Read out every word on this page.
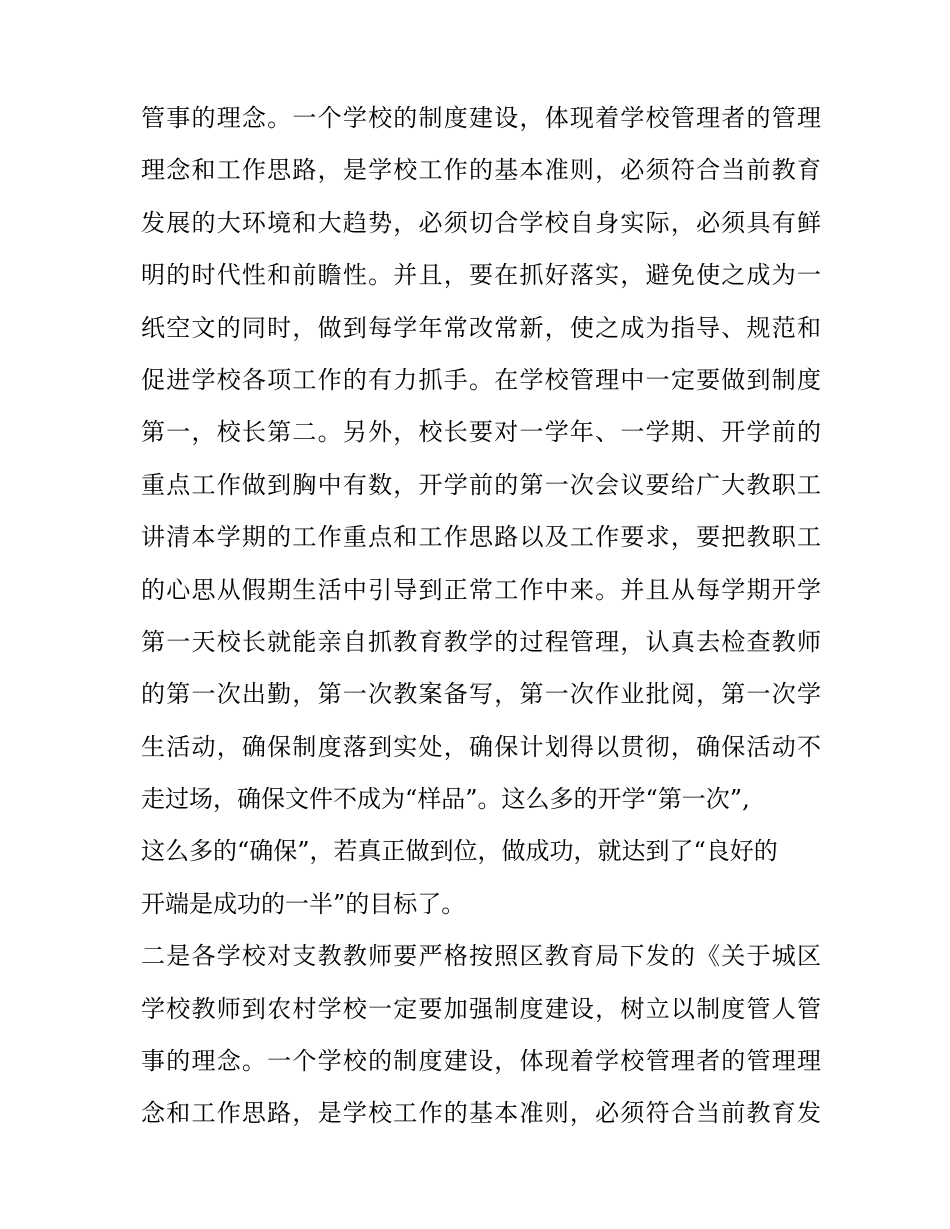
管事的理念。一个学校的制度建设，体现着学校管理者的管理
理念和工作思路，是学校工作的基本准则，必须符合当前教育
发展的大环境和大趋势，必须切合学校自身实际，必须具有鲜
明的时代性和前瞻性。并且，要在抓好落实，避免使之成为一
纸空文的同时，做到每学年常改常新，使之成为指导、规范和
促进学校各项工作的有力抓手。在学校管理中一定要做到制度
第一，校长第二。另外，校长要对一学年、一学期、开学前的
重点工作做到胸中有数，开学前的第一次会议要给广大教职工
讲清本学期的工作重点和工作思路以及工作要求，要把教职工
的心思从假期生活中引导到正常工作中来。并且从每学期开学
第一天校长就能亲自抓教育教学的过程管理，认真去检查教师
的第一次出勤，第一次教案备写，第一次作业批阅，第一次学
生活动，确保制度落到实处，确保计划得以贯彻，确保活动不
走过场，确保文件不成为“样品”。这么多的开学“第一次”,
这么多的“确保”，若真正做到位，做成功，就达到了“良好的
开端是成功的一半”的目标了。
二是各学校对支教教师要严格按照区教育局下发的《关于城区
学校教师到农村学校一定要加强制度建设，树立以制度管人管
事的理念。一个学校的制度建设，体现着学校管理者的管理理
念和工作思路，是学校工作的基本准则，必须符合当前教育发
